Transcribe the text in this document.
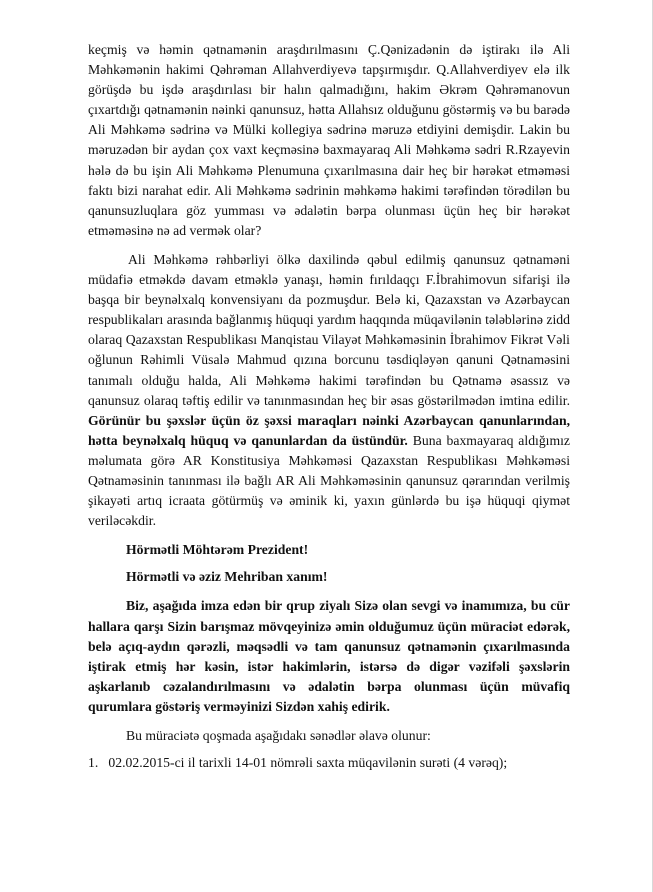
keçmiş və həmin qətnamənin araşdırılmasını Ç.Qənizadənin də iştirakı ilə Ali Məhkəmənin hakimi Qəhrəman Allahverdiyevə tapşırmışdır. Q.Allahverdiyev elə ilk görüşdə bu işdə araşdırılası bir halın qalmadığını, hakim Əkrəm Qəhrəmanovun çıxartdığı qətnamənin nəinki qanunsuz, hətta Allahsız olduğunu göstərmiş və bu barədə Ali Məhkəmə sədrinə və Mülki kollegiya sədrinə məruzə etdiyini demişdir. Lakin bu məruzədən bir aydan çox vaxt keçməsinə baxmayaraq Ali Məhkəmə sədri R.Rzayevin hələ də bu işin Ali Məhkəmə Plenumuna çıxarılmasına dair heç bir hərəkət etməməsi faktı bizi narahat edir. Ali Məhkəmə sədrinin məhkəmə hakimi tərəfindən törədilən bu qanunsuzluqlara göz yumması və ədalətin bərpa olunması üçün heç bir hərəkət etməməsinə nə ad vermək olar?

Ali Məhkəmə rəhbərliyi ölkə daxilində qəbul edilmiş qanunsuz qətnaməni müdafiə etməkdə davam etməklə yanaşı, həmin fırıldaqçı F.İbrahimovun sifarişi ilə başqa bir beynəlxalq konvensiyanı da pozmuşdur. Belə ki, Qazaxstan və Azərbaycan respublikaları arasında bağlanmış hüquqi yardım haqqında müqavilənin tələblərinə zidd olaraq Qazaxstan Respublikası Manqistau Vilayət Məhkəməsinin İbrahimov Fikrət Vəli oğlunun Rəhimli Vüsalə Mahmud qızına borcunu təsdiqləyən qanuni Qətnaməsini tanımalı olduğu halda, Ali Məhkəmə hakimi tərəfindən bu Qətnamə əsassız və qanunsuz olaraq təftiş edilir və tanınmasından heç bir əsas göstərilmədən imtina edilir. Görünür bu şəxslər üçün öz şəxsi maraqları nəinki Azərbaycan qanunlarından, hətta beynəlxalq hüquq və qanunlardan da üstündür. Buna baxmayaraq aldığımız məlumata görə AR Konstitusiya Məhkəməsi Qazaxstan Respublikası Məhkəməsi Qətnaməsinin tanınması ilə bağlı AR Ali Məhkəməsinin qanunsuz qərarından verilmiş şikayəti artıq icraata götürmüş və əminik ki, yaxın günlərdə bu işə hüquqi qiymət veriləcəkdir.

Hörmətli Möhtərəm Prezident!

Hörmətli və əziz Mehriban xanım!

Biz, aşağıda imza edən bir qrup ziyalı Sizə olan sevgi və inamımıza, bu cür hallara qarşı Sizin barışmaz mövqeyinizə əmin olduğumuz üçün müraciət edərək, belə açıq-aydın qərəzli, məqsədli və tam qanunsuz qətnamənin çıxarılmasında iştirak etmiş hər kəsin, istər hakimlərin, istərsə də digər vəzifəli şəxslərin aşkarlanıb cəzalandırılmasını və ədalətin bərpa olunması üçün müvafiq qurumlara göstəriş verməyinizi Sizdən xahiş edirik.

Bu müraciətə qoşmada aşağıdakı sənədlər əlavə olunur:

1. 02.02.2015-ci il tarixli 14-01 nömrəli saxta müqavilənin surəti (4 vərəq);
